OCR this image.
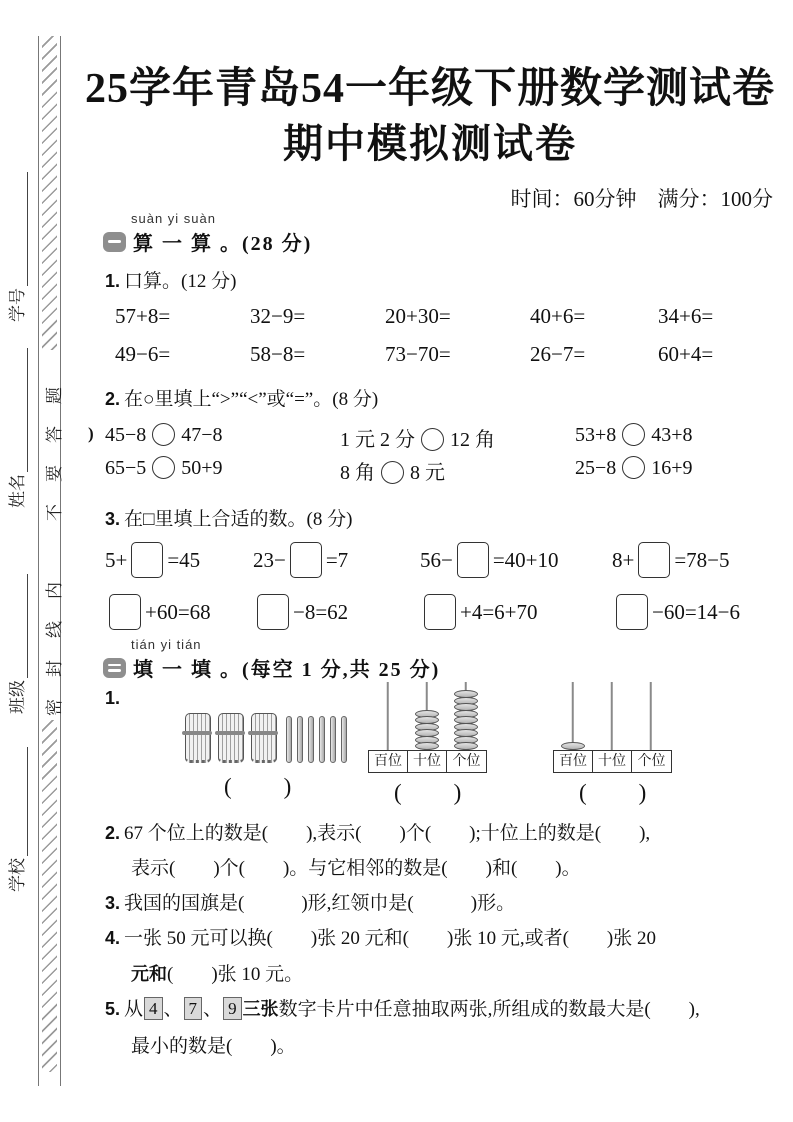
密封线内　不要答题
学号
姓名
班级
学校
25学年青岛54一年级下册数学测试卷
期中模拟测试卷
时间：60分钟　满分：100分
suàn yi suàn
算 一 算 。(28 分)
1. 口算。(12 分)
57+8=	32−9=	20+30=	40+6=	34+6=
49−6=	58−8=	73−70=	26−7=	60+4=
2. 在○里填上“>”“<”或“=”。(8 分)
) 45−8 47−8	1 元 2 分 12 角	53+8 43+8
65−5 50+9	8 角 8 元	25−8 16+9
3. 在□里填上合适的数。(8 分)
5+ =45	23− =7	56− =40+10	8+ =78−5
+60=68	−8=62	+4=6+70	−60=14−6
tián yi tián
填 一 填 。(每空 1 分,共 25 分)
1.
(　　)
百位 十位 个位
(　　)
百位 十位 个位
(　　)
2. 67 个位上的数是(　　),表示(　　)个(　　);十位上的数是(　　),
表示(　　)个(　　)。与它相邻的数是(　　)和(　　)。
3. 我国的国旗是(　　　)形,红领巾是(　　　)形。
4. 一张 50 元可以换(　　)张 20 元和(　　)张 10 元,或者(　　)张 20
元和(　　)张 10 元。
5. 从 4 、 7 、 9 三张数字卡片中任意抽取两张,所组成的数最大是(　　),
最小的数是(　　)。
